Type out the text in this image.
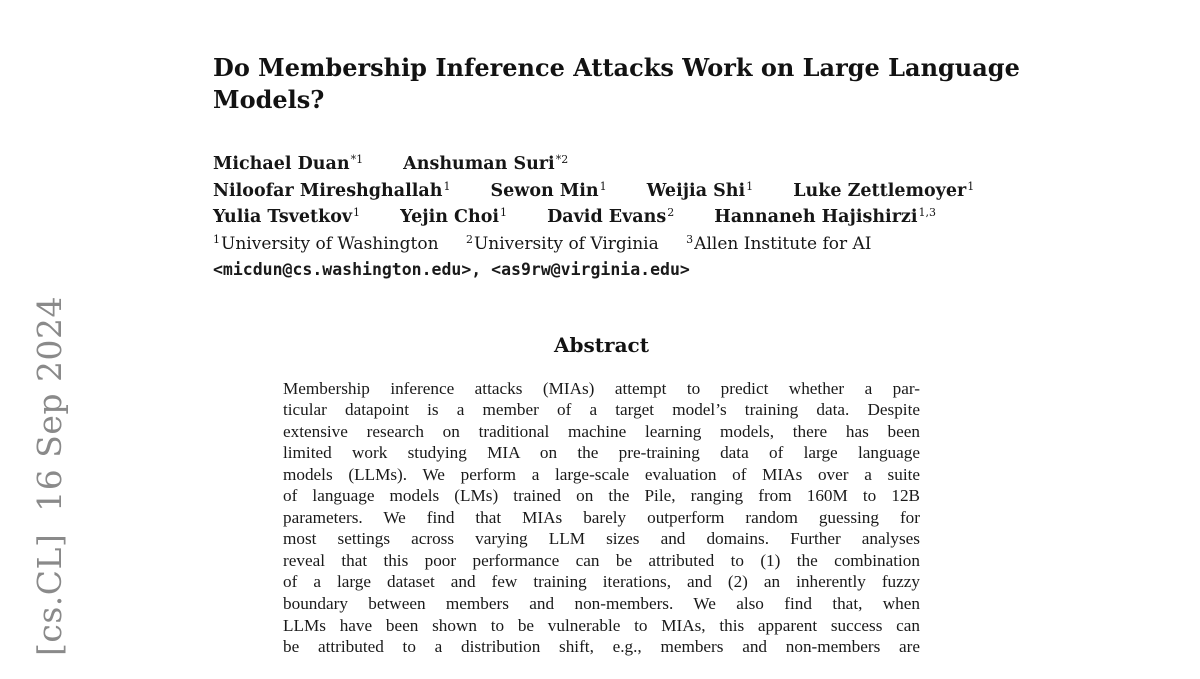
[cs.CL]  16 Sep 2024
Do Membership Inference Attacks Work on Large Language Models?
Michael Duan$^{*1}$ Anshuman Suri$^{*2}$
Niloofar Mireshghallah$^1$ Sewon Min$^1$ Weijia Shi$^1$ Luke Zettlemoyer$^1$
Yulia Tsvetkov$^1$ Yejin Choi$^1$ David Evans$^2$ Hannaneh Hajishirzi$^{1,3}$
$^1$University of Washington $^2$University of Virginia $^3$Allen Institute for AI
<micdun@cs.washington.edu>, <as9rw@virginia.edu>
Abstract
Membership inference attacks (MIAs) attempt to predict whether a par-
ticular datapoint is a member of a target model’s training data. Despite
extensive research on traditional machine learning models, there has been
limited work studying MIA on the pre-training data of large language
models (LLMs). We perform a large-scale evaluation of MIAs over a suite
of language models (LMs) trained on the Pile, ranging from 160M to 12B
parameters. We find that MIAs barely outperform random guessing for
most settings across varying LLM sizes and domains. Further analyses
reveal that this poor performance can be attributed to (1) the combination
of a large dataset and few training iterations, and (2) an inherently fuzzy
boundary between members and non-members. We also find that, when
LLMs have been shown to be vulnerable to MIAs, this apparent success can
be attributed to a distribution shift, e.g., members and non-members are
